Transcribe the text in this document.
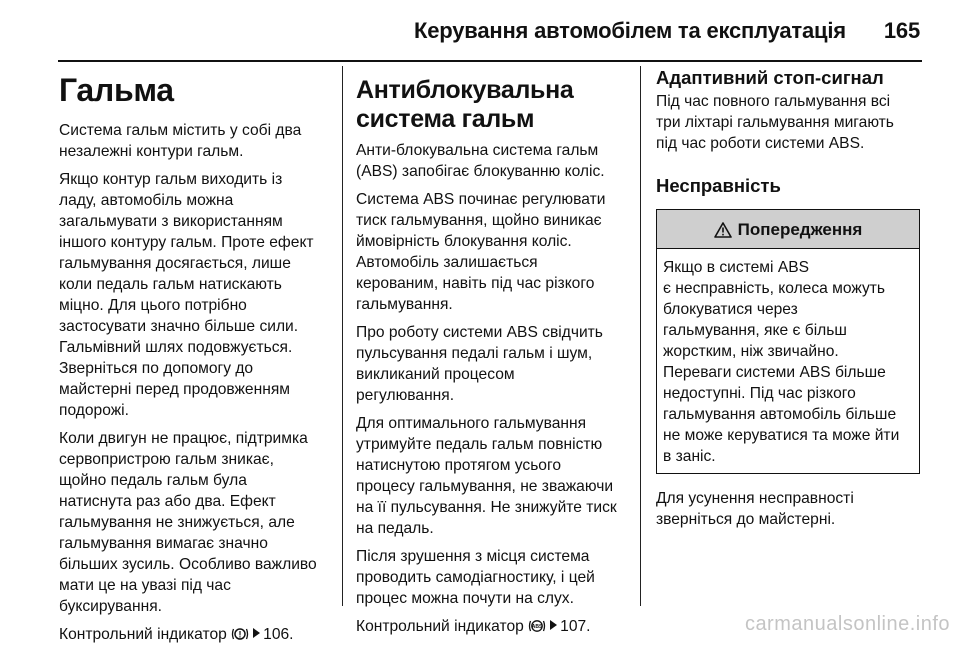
Керування автомобілем та експлуатація 165
Гальма

Система гальм містить у собі два
незалежні контури гальм.

Якщо контур гальм виходить із
ладу, автомобіль можна
загальмувати з використанням
іншого контуру гальм. Проте ефект
гальмування досягається, лише
коли педаль гальм натискають
міцно. Для цього потрібно
застосувати значно більше сили.
Гальмівний шлях подовжується.
Зверніться по допомогу до
майстерні перед продовженням
подорожі.

Коли двигун не працює, підтримка
сервопристрою гальм зникає,
щойно педаль гальм була
натиснута раз або два. Ефект
гальмування не знижується, але
гальмування вимагає значно
більших зусиль. Особливо важливо
мати це на увазі під час
буксирування.

Контрольний індикатор ! 106.

Антиблокувальна
система гальм

Анти-блокувальна система гальм
(ABS) запобігає блокуванню коліс.

Система ABS починає регулювати
тиск гальмування, щойно виникає
ймовірність блокування коліс.
Автомобіль залишається
керованим, навіть під час різкого
гальмування.

Про роботу системи ABS свідчить
пульсування педалі гальм і шум,
викликаний процесом
регулювання.

Для оптимального гальмування
утримуйте педаль гальм повністю
натиснутою протягом усього
процесу гальмування, не зважаючи
на її пульсування. Не знижуйте тиск
на педаль.

Після зрушення з місця система
проводить самодіагностику, і цей
процес можна почути на слух.

Контрольний індикатор ABS 107.

Адаптивний стоп-сигнал

Під час повного гальмування всі
три ліхтарі гальмування мигають
під час роботи системи ABS.

Несправність
Попередження
Якщо в системі ABS
є несправність, колеса можуть
блокуватися через
гальмування, яке є більш
жорстким, ніж звичайно.
Переваги системи ABS більше
недоступні. Під час різкого
гальмування автомобіль більше
не може керуватися та може йти
в заніс.

Для усунення несправності
зверніться до майстерні.

carmanualsonline.info
